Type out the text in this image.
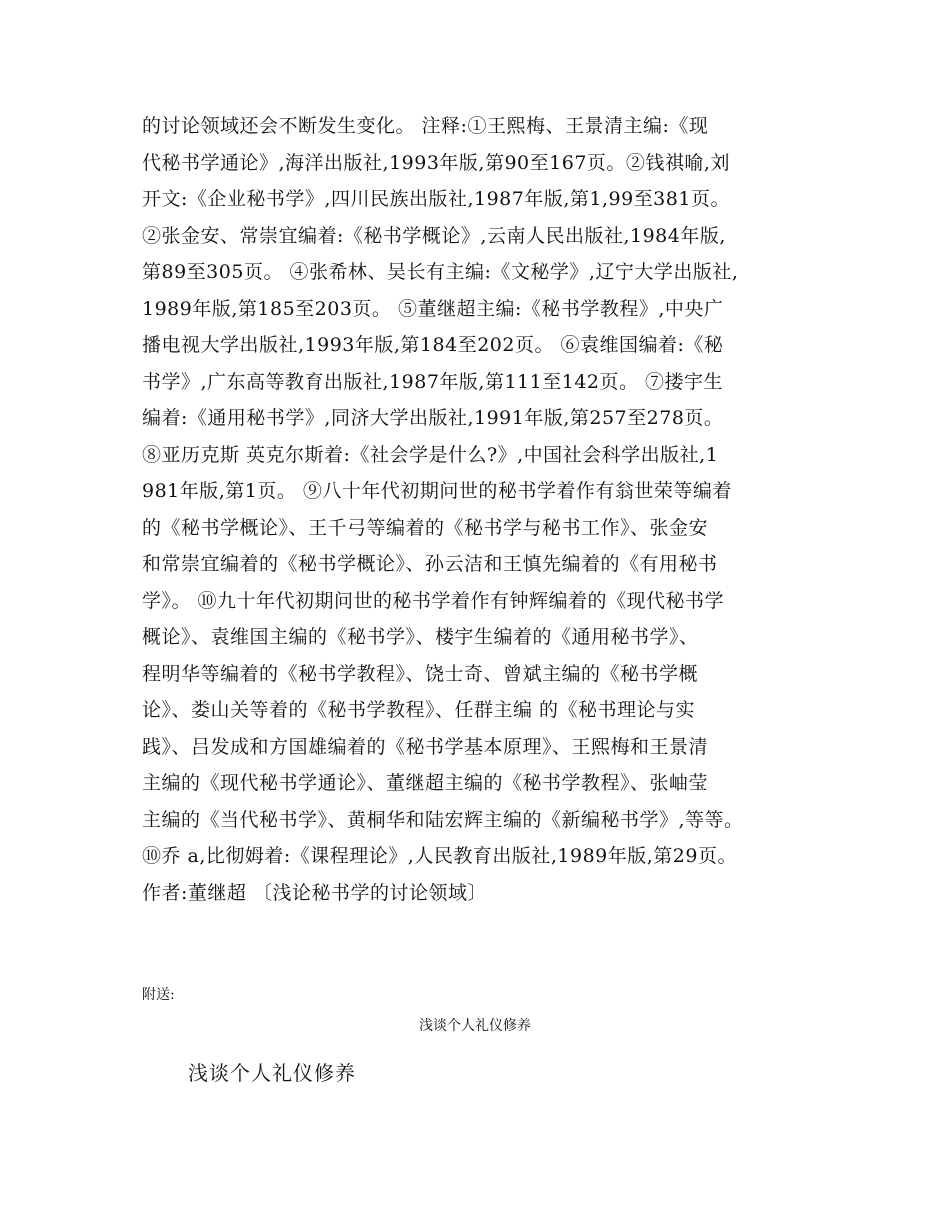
的讨论领域还会不断发生变化。 注释:①王熙梅、王景清主编:《现
代秘书学通论》,海洋出版社,1993年版,第90至167页。②钱祺喻,刘
开文:《企业秘书学》,四川民族出版社,1987年版,第1,99至381页。
②张金安、常崇宜编着:《秘书学概论》,云南人民出版社,1984年版,
第89至305页。 ④张希林、吴长有主编:《文秘学》,辽宁大学出版社,
1989年版,第185至203页。 ⑤董继超主编:《秘书学教程》,中央广
播电视大学出版社,1993年版,第184至202页。 ⑥袁维国编着:《秘
书学》,广东高等教育出版社,1987年版,第111至142页。 ⑦搂宇生
编着:《通用秘书学》,同济大学出版社,1991年版,第257至278页。
⑧亚历克斯 英克尔斯着:《社会学是什么?》,中国社会科学出版社,1
981年版,第1页。 ⑨八十年代初期问世的秘书学着作有翁世荣等编着
的《秘书学概论》、王千弓等编着的《秘书学与秘书工作》、张金安
和常崇宜编着的《秘书学概论》、孙云洁和王慎先编着的《有用秘书
学》。 ⑩九十年代初期问世的秘书学着作有钟辉编着的《现代秘书学
概论》、袁维国主编的《秘书学》、楼宇生编着的《通用秘书学》、
程明华等编着的《秘书学教程》、饶士奇、曾斌主编的《秘书学概
论》、娄山关等着的《秘书学教程》、任群主编 的《秘书理论与实
践》、吕发成和方国雄编着的《秘书学基本原理》、王熙梅和王景清
主编的《现代秘书学通论》、董继超主编的《秘书学教程》、张岫莹
主编的《当代秘书学》、黄桐华和陆宏辉主编的《新编秘书学》,等等。
⑩乔 a,比彻姆着:《课程理论》,人民教育出版社,1989年版,第29页。
作者:董继超 〔浅论秘书学的讨论领域〕
附送:
浅谈个人礼仪修养
浅谈个人礼仪修养
